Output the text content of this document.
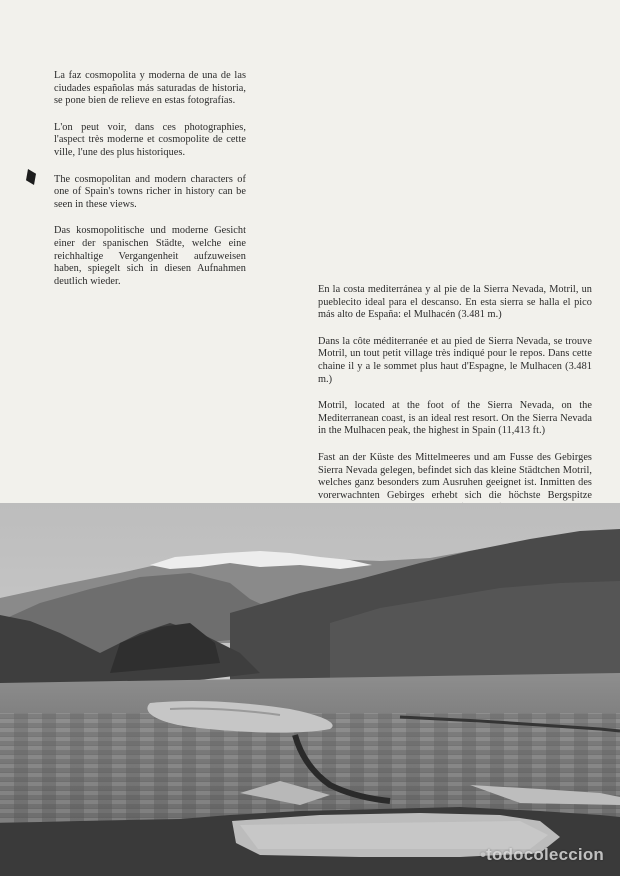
La faz cosmopolita y moderna de una de las ciudades españolas más saturadas de historia, se pone bien de relieve en estas fotografías.

L'on peut voir, dans ces photographies, l'aspect très moderne et cosmopolite de cette ville, l'une des plus historiques.

The cosmopolitan and modern characters of one of Spain's towns richer in history can be seen in these views.

Das kosmopolitische und moderne Gesicht einer der spanischen Städte, welche eine reichhaltige Vergangenheit aufzuweisen haben, spiegelt sich in diesen Aufnahmen deutlich wieder.

En la costa mediterránea y al pie de la Sierra Nevada, Motril, un pueblecito ideal para el descanso. En esta sierra se halla el pico más alto de España: el Mulhacén (3.481 m.)

Dans la côte méditerranée et au pied de Sierra Nevada, se trouve Motril, un tout petit village très indiqué pour le repos. Dans cette chaine il y a le sommet plus haut d'Espagne, le Mulhacen (3.481 m.)

Motril, located at the foot of the Sierra Nevada, on the Mediterranean coast, is an ideal rest resort. On the Sierra Nevada in the Mulhacen peak, the highest in Spain (11,413 ft.)

Fast an der Küste des Mittelmeeres und am Fusse des Gebirges Sierra Nevada gelegen, befindet sich das kleine Städtchen Motril, welches ganz besonders zum Ausruhen geeignet ist. Inmitten des vorerwachnten Gebirges erhebt sich die höchste Bergspitze

•todocoleccion
